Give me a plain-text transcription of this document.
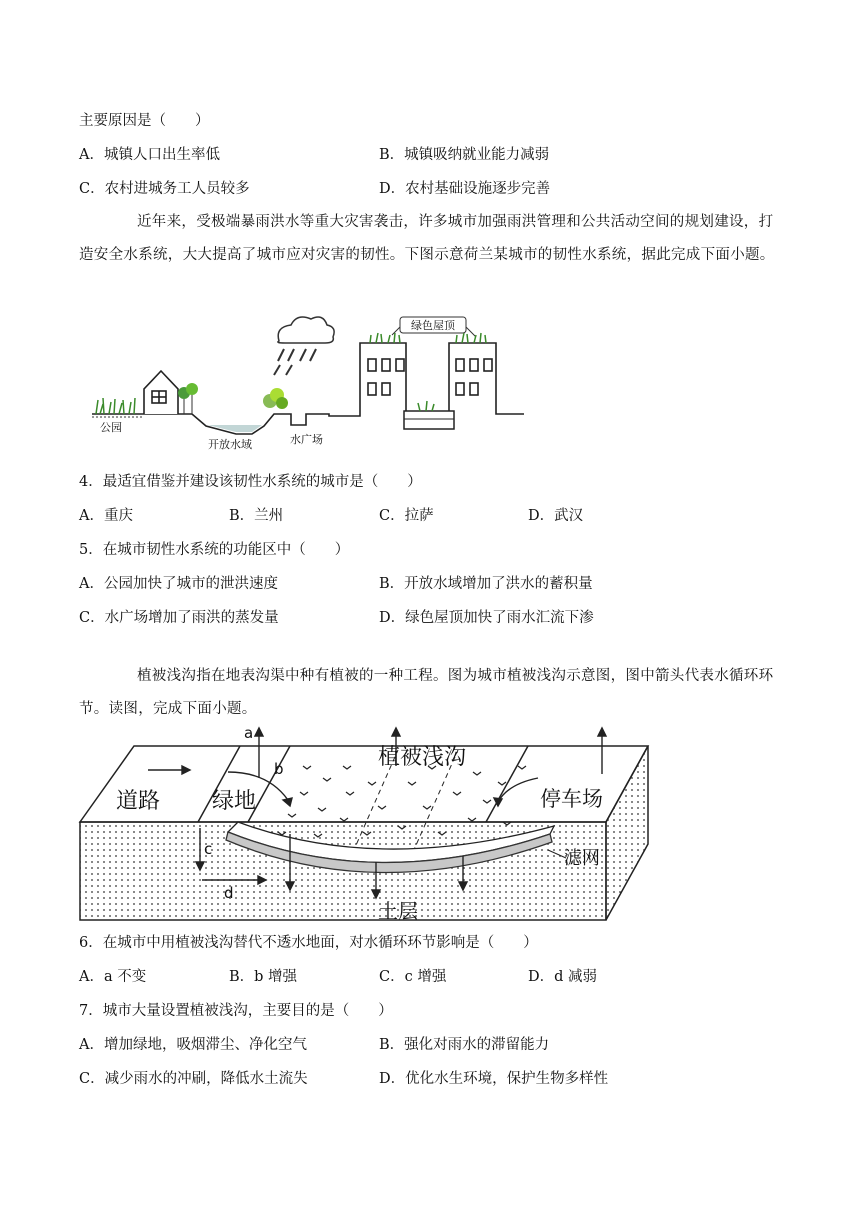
主要原因是（　　）
A．城镇人口出生率低	B．城镇吸纳就业能力减弱
C．农村进城务工人员较多	D．农村基础设施逐步完善
近年来，受极端暴雨洪水等重大灾害袭击，许多城市加强雨洪管理和公共活动空间的规划建设，打造安全水系统，大大提高了城市应对灾害的韧性。下图示意荷兰某城市的韧性水系统，据此完成下面小题。
绿色屋顶
公园
开放水域	水广场
4．最适宜借鉴并建设该韧性水系统的城市是（　　）
A．重庆	B．兰州	C．拉萨	D．武汉
5．在城市韧性水系统的功能区中（　　）
A．公园加快了城市的泄洪速度	B．开放水域增加了洪水的蓄积量
C．水广场增加了雨洪的蒸发量	D．绿色屋顶加快了雨水汇流下渗
植被浅沟指在地表沟渠中种有植被的一种工程。图为城市植被浅沟示意图，图中箭头代表水循环环节。读图，完成下面小题。
道路 绿地
植被浅沟
停车场
滤网
土层
a
b
c
d
6．在城市中用植被浅沟替代不透水地面，对水循环环节影响是（　　）
A．a 不变	B．b 增强	C．c 增强	D．d 减弱
7．城市大量设置植被浅沟，主要目的是（　　）
A．增加绿地，吸烟滞尘、净化空气	B．强化对雨水的滞留能力
C．减少雨水的冲刷，降低水土流失	D．优化水生环境，保护生物多样性
